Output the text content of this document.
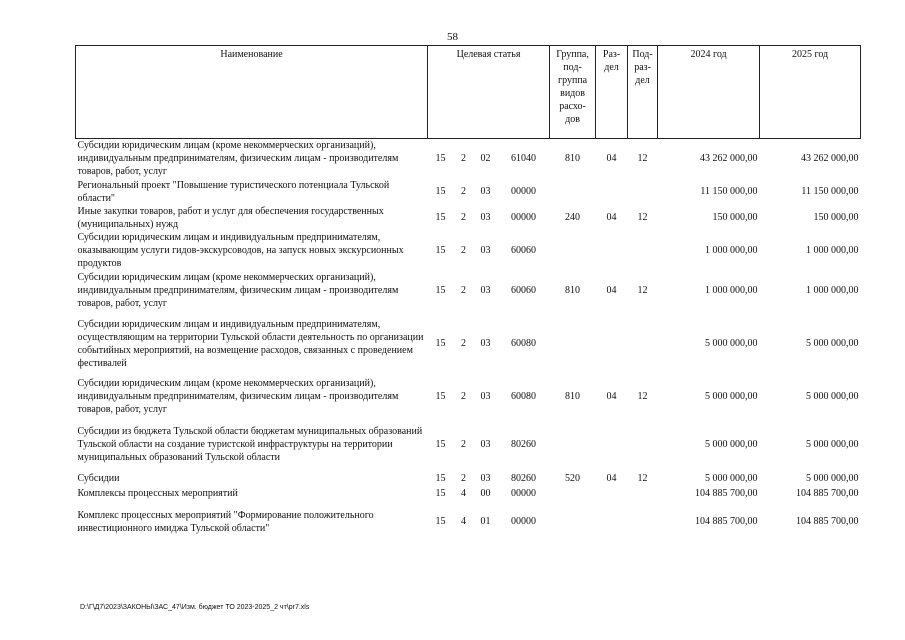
58
Наименование	Целевая статья				Группа, под- группа видов расхо- дов	Раз- дел	Под- раз- дел	2024 год	2025 год
Субсидии юридическим лицам (кроме некоммерческих организаций), индивидуальным предпринимателям, физическим лицам - производителям товаров, работ, услуг	15	2	02	61040	810	04	12	43 262 000,00	43 262 000,00
Региональный проект "Повышение туристического потенциала Тульской области"	15	2	03	00000				11 150 000,00	11 150 000,00
Иные закупки товаров, работ и услуг для обеспечения государственных (муниципальных) нужд	15	2	03	00000	240	04	12	150 000,00	150 000,00
Субсидии юридическим лицам и индивидуальным предпринимателям, оказывающим услуги гидов-экскурсоводов, на запуск новых экскурсионных продуктов	15	2	03	60060				1 000 000,00	1 000 000,00
Субсидии юридическим лицам (кроме некоммерческих организаций), индивидуальным предпринимателям, физическим лицам - производителям товаров, работ, услуг	15	2	03	60060	810	04	12	1 000 000,00	1 000 000,00
Субсидии юридическим лицам и индивидуальным предпринимателям, осуществляющим на территории Тульской области деятельность по организации событийных мероприятий, на возмещение расходов, связанных с проведением фестивалей	15	2	03	60080				5 000 000,00	5 000 000,00
Субсидии юридическим лицам (кроме некоммерческих организаций), индивидуальным предпринимателям, физическим лицам - производителям товаров, работ, услуг	15	2	03	60080	810	04	12	5 000 000,00	5 000 000,00
Субсидии из бюджета Тульской области бюджетам муниципальных образований Тульской области на создание туристской инфраструктуры на территории муниципальных образований Тульской области	15	2	03	80260				5 000 000,00	5 000 000,00
Субсидии	15	2	03	80260	520	04	12	5 000 000,00	5 000 000,00
Комплексы процессных мероприятий	15	4	00	00000				104 885 700,00	104 885 700,00
Комплекс процессных мероприятий "Формирование положительного инвестиционного имиджа Тульской области"	15	4	01	00000				104 885 700,00	104 885 700,00
D:\Г\Д7\2023\ЗАКОНЫ\ЗАС_47\Изм. бюджет ТО 2023-2025_2 чт\pr7.xls
